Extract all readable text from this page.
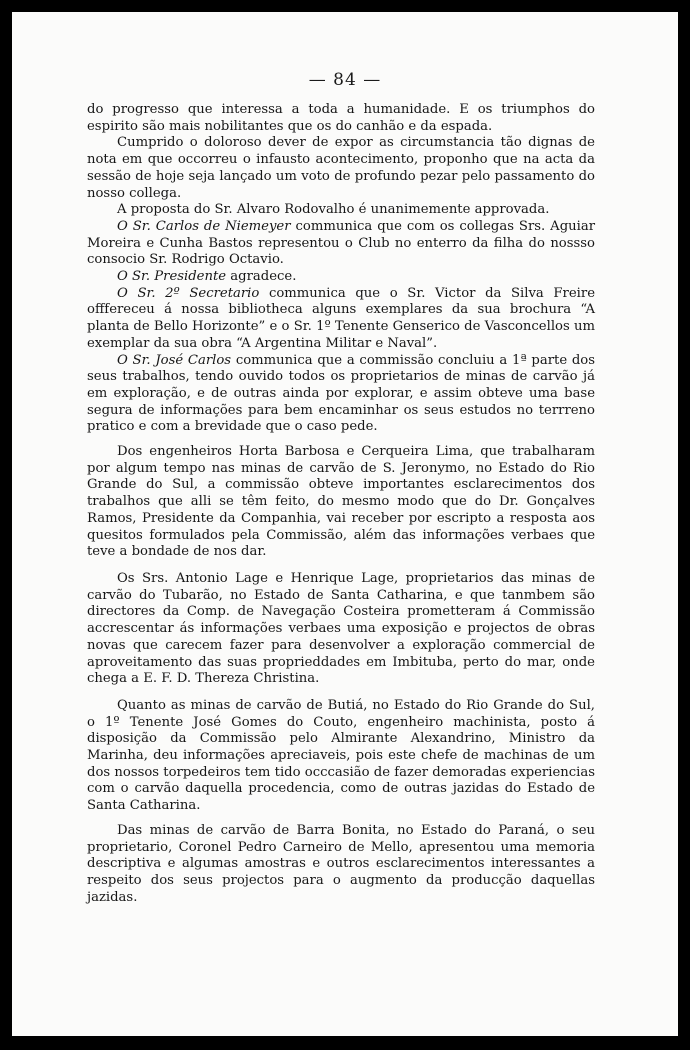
— 84 —

do progresso que interessa a toda a humanidade. E os triumphos do espirito são mais nobilitantes que os do canhão e da espada.

Cumprido o doloroso dever de expor as circumstancia tão dignas de nota em que occorreu o infausto acontecimento, proponho que na acta da sessão de hoje seja lançado um voto de profundo pezar pelo passamento do nosso collega.

A proposta do Sr. Alvaro Rodovalho é unanimemente approvada.

O Sr. Carlos de Niemeyer communica que com os collegas Srs. Aguiar Moreira e Cunha Bastos representou o Club no enterro da filha do nossso consocio Sr. Rodrigo Octavio.

O Sr. Presidente agradece.

O Sr. 2º Secretario communica que o Sr. Victor da Silva Freire offfereceu á nossa bibliotheca alguns exemplares da sua brochura “A planta de Bello Horizonte” e o Sr. 1º Tenente Genserico de Vasconcellos um exemplar da sua obra “A Argentina Militar e Naval”.

O Sr. José Carlos communica que a commissão concluiu a 1ª parte dos seus trabalhos, tendo ouvido todos os proprietarios de minas de carvão já em exploração, e de outras ainda por explorar, e assim obteve uma base segura de informações para bem encaminhar os seus estudos no terrreno pratico e com a brevidade que o caso pede.

Dos engenheiros Horta Barbosa e Cerqueira Lima, que trabalharam por algum tempo nas minas de carvão de S. Jeronymo, no Estado do Rio Grande do Sul, a commissão obteve importantes esclarecimentos dos trabalhos que alli se têm feito, do mesmo modo que do Dr. Gonçalves Ramos, Presidente da Companhia, vai receber por escripto a resposta aos quesitos formulados pela Commissão, além das informações verbaes que teve a bondade de nos dar.

Os Srs. Antonio Lage e Henrique Lage, proprietarios das minas de carvão do Tubarão, no Estado de Santa Catharina, e que tanmbem são directores da Comp. de Navegação Costeira prometteram á Commissão accrescentar ás informações verbaes uma exposição e projectos de obras novas que carecem fazer para desenvolver a exploração commercial de aproveitamento das suas proprieddades em Imbituba, perto do mar, onde chega a E. F. D. Thereza Christina.

Quanto as minas de carvão de Butiá, no Estado do Rio Grande do Sul, o 1º Tenente José Gomes do Couto, engenheiro machinista, posto á disposição da Commissão pelo Almirante Alexandrino, Ministro da Marinha, deu informações apreciaveis, pois este chefe de machinas de um dos nossos torpedeiros tem tido occcasião de fazer demoradas experiencias com o carvão daquella procedencia, como de outras jazidas do Estado de Santa Catharina.

Das minas de carvão de Barra Bonita, no Estado do Paraná, o seu proprietario, Coronel Pedro Carneiro de Mello, apresentou uma memoria descriptiva e algumas amostras e outros esclarecimentos interessantes a respeito dos seus projectos para o augmento da producção daquellas jazidas.
